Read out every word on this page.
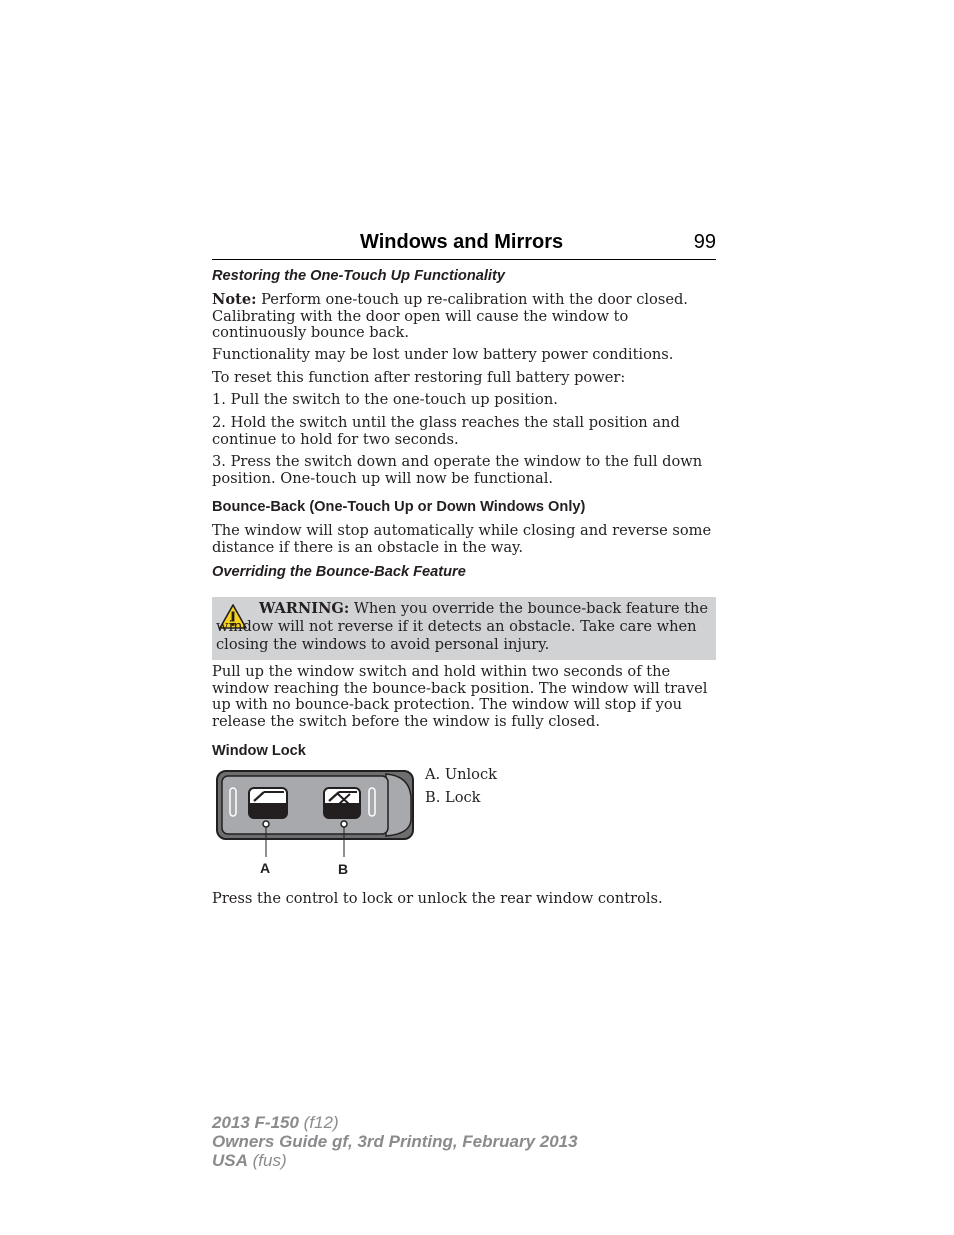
Windows and Mirrors	99
Restoring the One-Touch Up Functionality

Note: Perform one-touch up re-calibration with the door closed. Calibrating with the door open will cause the window to continuously bounce back.

Functionality may be lost under low battery power conditions.

To reset this function after restoring full battery power:

1. Pull the switch to the one-touch up position.

2. Hold the switch until the glass reaches the stall position and continue to hold for two seconds.

3. Press the switch down and operate the window to the full down position. One-touch up will now be functional.

Bounce-Back (One-Touch Up or Down Windows Only)

The window will stop automatically while closing and reverse some distance if there is an obstacle in the way.

Overriding the Bounce-Back Feature

WARNING: When you override the bounce-back feature the window will not reverse if it detects an obstacle. Take care when closing the windows to avoid personal injury.

Pull up the window switch and hold within two seconds of the window reaching the bounce-back position. The window will travel up with no bounce-back protection. The window will stop if you release the switch before the window is fully closed.

Window Lock
A	B
A. Unlock
B. Lock

Press the control to lock or unlock the rear window controls.

2013 F-150 (f12)
Owners Guide gf, 3rd Printing, February 2013
USA (fus)
